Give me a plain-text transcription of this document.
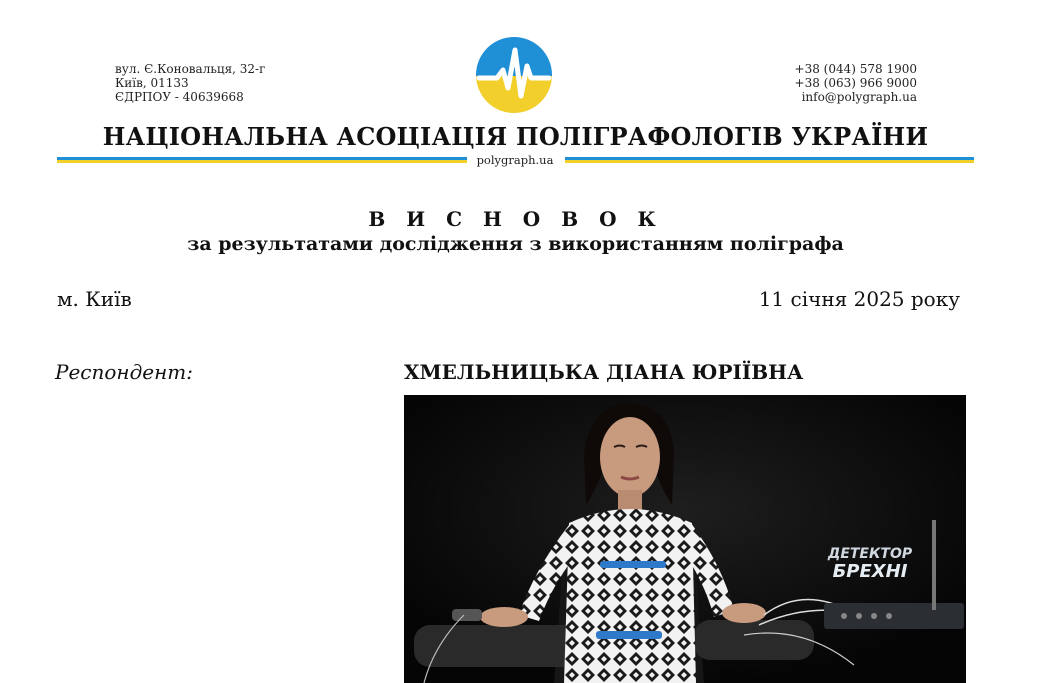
вул. Є.Коновальця, 32-г
Київ, 01133
ЄДРПОУ - 40639668
+38 (044) 578 1900
+38 (063) 966 9000
info@polygraph.ua
НАЦІОНАЛЬНА АСОЦІАЦІЯ ПОЛІГРАФОЛОГІВ УКРАЇНИ
polygraph.ua
В И С Н О В О К
за результатами дослідження з використанням поліграфа
м. Київ	11 січня 2025 року
Респондент:	ХМЕЛЬНИЦЬКА ДІАНА ЮРІЇВНА
ДЕТЕКТОР
БРЕХНІ
